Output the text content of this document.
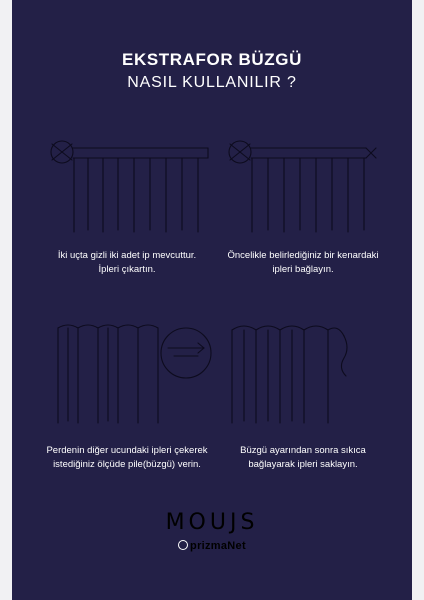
EKSTRAFOR BÜZGÜ
NASIL KULLANILIR ?
İki uçta gizli iki adet ip mevcuttur.
İpleri çıkartın.
Öncelikle belirlediğiniz bir kenardaki
ipleri bağlayın.
Perdenin diğer ucundaki ipleri çekerek
istediğiniz ölçüde pile(büzgü) verin.
Büzgü ayarından sonra sıkıca
bağlayarak ipleri saklayın.
MOUJS
prizmaNet
